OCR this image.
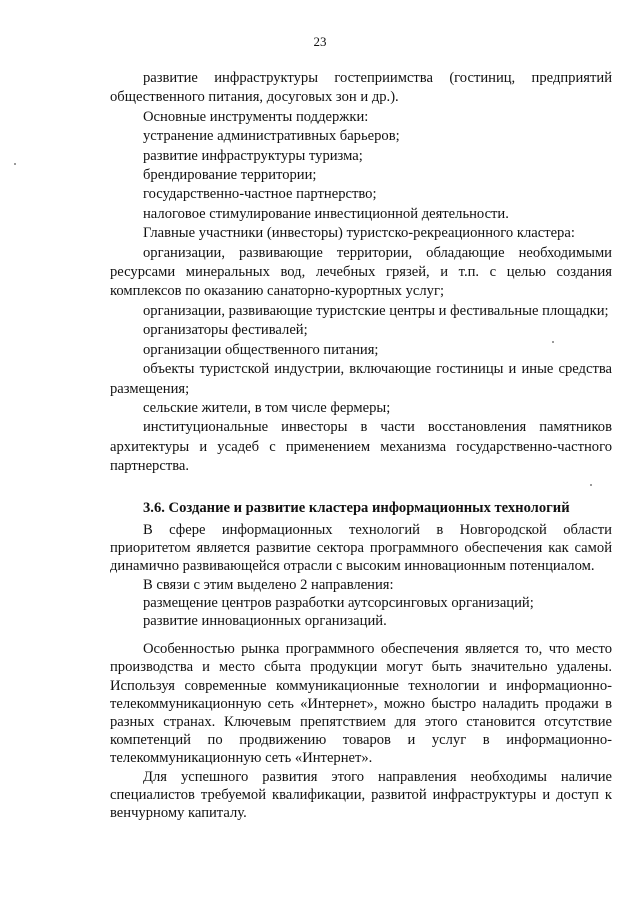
23

развитие инфраструктуры гостеприимства (гостиниц, предприятий общественного питания, досуговых зон и др.).

Основные инструменты поддержки:

устранение административных барьеров;

развитие инфраструктуры туризма;

брендирование территории;

государственно-частное партнерство;

налоговое стимулирование инвестиционной деятельности.

Главные участники (инвесторы) туристско-рекреационного кластера:

организации, развивающие территории, обладающие необходимыми ресурсами минеральных вод, лечебных грязей, и т.п. с целью создания комплексов по оказанию санаторно-курортных услуг;

организации, развивающие туристские центры и фестивальные площадки;

организаторы фестивалей;

организации общественного питания;

объекты туристской индустрии, включающие гостиницы и иные средства размещения;

сельские жители, в том числе фермеры;

институциональные инвесторы в части восстановления памятников архитектуры и усадеб с применением механизма государственно-частного партнерства.

3.6. Создание и развитие кластера информационных технологий

В сфере информационных технологий в Новгородской области приоритетом является развитие сектора программного обеспечения как самой динамично развивающейся отрасли с высоким инновационным потенциалом.

В связи с этим выделено 2 направления:

размещение центров разработки аутсорсинговых организаций;

развитие инновационных организаций.

Особенностью рынка программного обеспечения является то, что место производства и место сбыта продукции могут быть значительно удалены. Используя современные коммуникационные технологии и информационно-телекоммуникационную сеть «Интернет», можно быстро наладить продажи в разных странах. Ключевым препятствием для этого становится отсутствие компетенций по продвижению товаров и услуг в информационно-телекоммуникационную сеть «Интернет».

Для успешного развития этого направления необходимы наличие специалистов требуемой квалификации, развитой инфраструктуры и доступ к венчурному капиталу.
